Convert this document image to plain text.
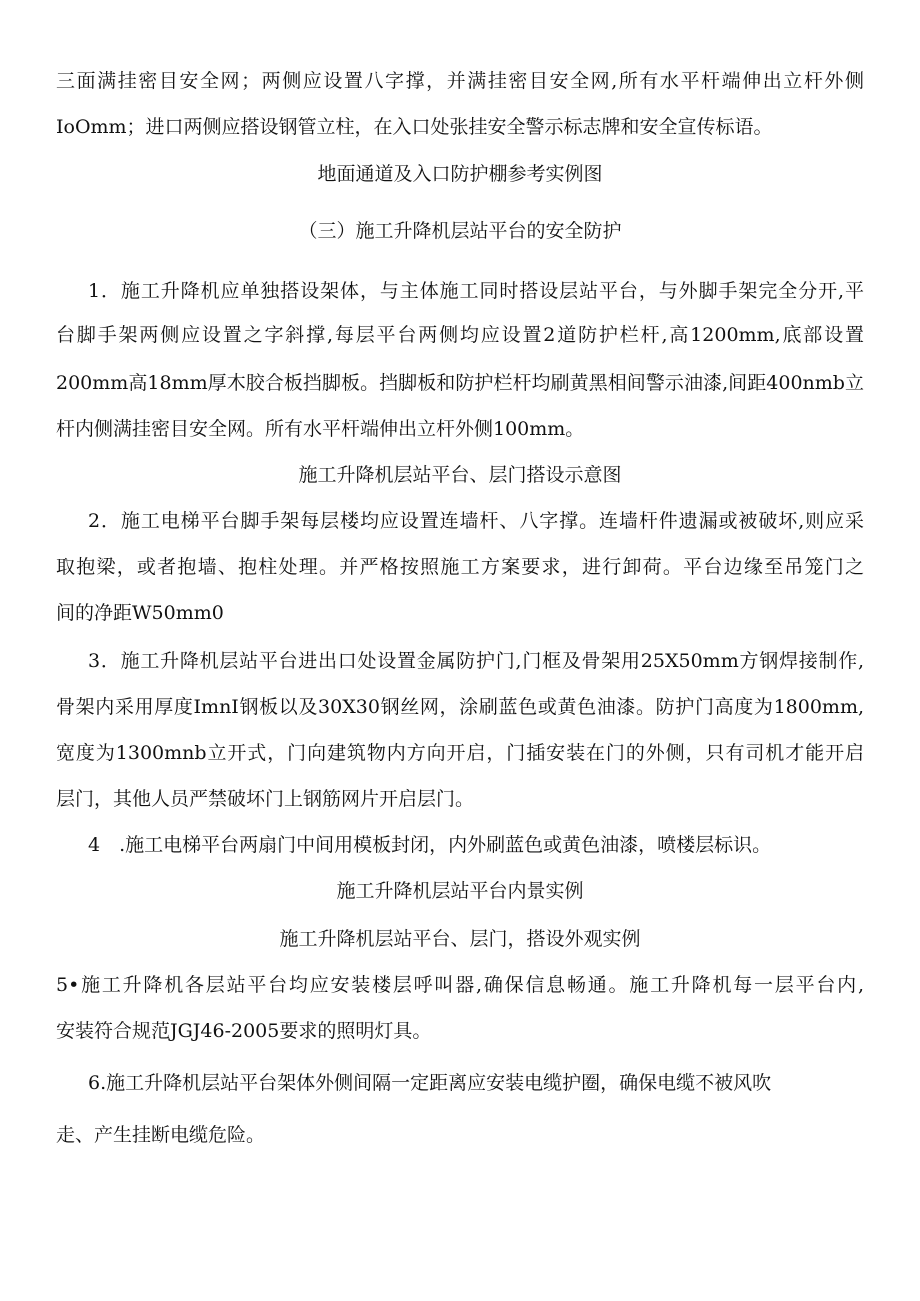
三面满挂密目安全网；两侧应设置八字撑，并满挂密目安全网,所有水平杆端伸出立杆外侧
IoOmm；进口两侧应搭设钢管立柱，在入口处张挂安全警示标志牌和安全宣传标语。
地面通道及入口防护棚参考实例图
（三）施工升降机层站平台的安全防护
1．施工升降机应单独搭设架体，与主体施工同时搭设层站平台，与外脚手架完全分开,平
台脚手架两侧应设置之字斜撑,每层平台两侧均应设置2道防护栏杆,高1200mm,底部设置
200mm高18mm厚木胶合板挡脚板。挡脚板和防护栏杆均刷黄黑相间警示油漆,间距400nmb立
杆内侧满挂密目安全网。所有水平杆端伸出立杆外侧100mm。
施工升降机层站平台、层门搭设示意图
2．施工电梯平台脚手架每层楼均应设置连墙杆、八字撑。连墙杆件遗漏或被破坏,则应采
取抱梁，或者抱墙、抱柱处理。并严格按照施工方案要求，进行卸荷。平台边缘至吊笼门之
间的净距W50mm0
3．施工升降机层站平台进出口处设置金属防护门,门框及骨架用25X50mm方钢焊接制作,
骨架内采用厚度ImnI钢板以及30X30钢丝网，涂刷蓝色或黄色油漆。防护门高度为1800mm,
宽度为1300mnb立开式，门向建筑物内方向开启，门插安装在门的外侧，只有司机才能开启
层门，其他人员严禁破坏门上钢筋网片开启层门。
4　.施工电梯平台两扇门中间用模板封闭，内外刷蓝色或黄色油漆，喷楼层标识。
施工升降机层站平台内景实例
施工升降机层站平台、层门，搭设外观实例
5•施工升降机各层站平台均应安装楼层呼叫器,确保信息畅通。施工升降机每一层平台内,
安装符合规范JGJ46-2005要求的照明灯具。
6.施工升降机层站平台架体外侧间隔一定距离应安装电缆护圈，确保电缆不被风吹
走、产生挂断电缆危险。
